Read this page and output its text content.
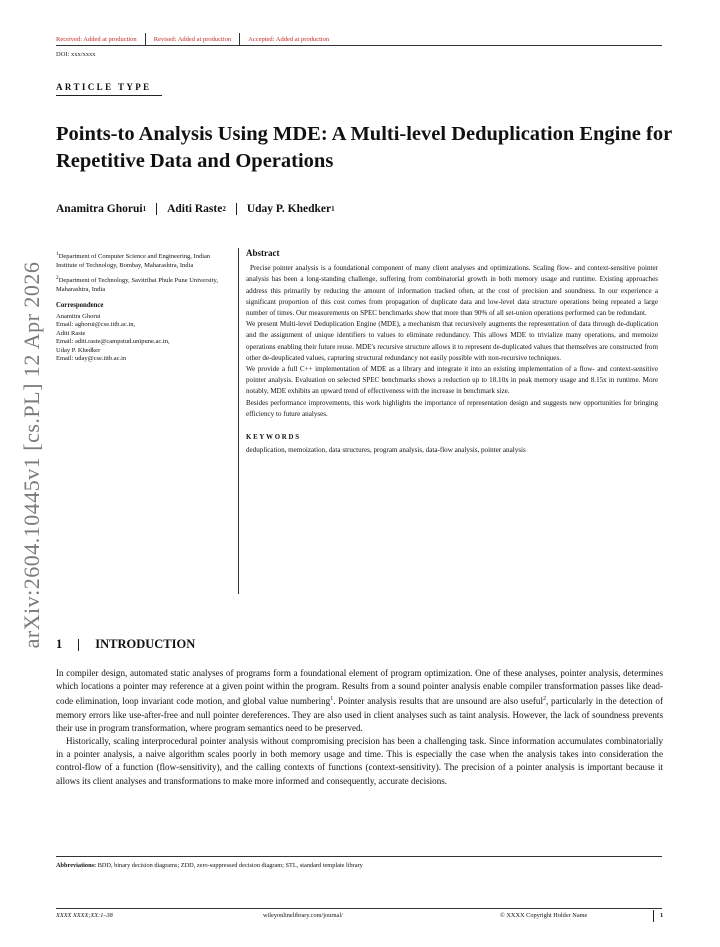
arXiv:2604.10445v1 [cs.PL] 12 Apr 2026
Received: Added at production	Revised: Added at production	Accepted: Added at production
DOI: xxx/xxxx
ARTICLE TYPE
Points-to Analysis Using MDE: A Multi-level Deduplication Engine for Repetitive Data and Operations
Anamitra Ghorui 1 Aditi Raste 2 Uday P. Khedker 1

$^1$Department of Computer Science and Engineering, Indian Institute of Technology, Bombay, Maharashtra, India

$^2$Department of Technology, Savitribai Phule Pune University, Maharashtra, India

Correspondence
Anamitra Ghorui
Email: aghorui@cse.iitb.ac.in,
Aditi Raste
Email: aditi.raste@campstud.unipune.ac.in,
Uday P. Khedker
Email: uday@cse.iitb.ac.in
Abstract

Precise pointer analysis is a foundational component of many client analyses and optimizations. Scaling flow- and context-sensitive pointer analysis has been a long-standing challenge, suffering from combinatorial growth in both memory usage and runtime. Existing approaches address this primarily by reducing the amount of information tracked often, at the cost of precision and soundness. In our experience a significant proportion of this cost comes from propagation of duplicate data and low-level data structure operations being repeated a large number of times. Our measurements on SPEC benchmarks show that more than 90% of all set-union operations performed can be redundant.

We present Multi-level Deduplication Engine (MDE), a mechanism that recursively augments the representation of data through de-duplication and the assignment of unique identifiers to values to eliminate redundancy. This allows MDE to trivialize many operations, and memoize operations enabling their future reuse. MDE's recursive structure allows it to represent de-duplicated values that themselves are constructed from other de-deuplicated values, capturing structural redundancy not easily possible with non-recursive techniques.

We provide a full C++ implementation of MDE as a library and integrate it into an existing implementation of a flow- and context-sensitive pointer analysis. Evaluation on selected SPEC benchmarks shows a reduction up to 18.10x in peak memory usage and 8.15x in runtime. More notably, MDE exhibits an upward trend of effectiveness with the increase in benchmark size.

Besides performance improvements, this work highlights the importance of representation design and suggests new opportunities for bringing efficiency to future analyses.

KEYWORDS
deduplication, memoization, data structures, program analysis, data-flow analysis, pointer analysis
1	INTRODUCTION

In compiler design, automated static analyses of programs form a foundational element of program optimization. One of these analyses, pointer analysis, determines which locations a pointer may reference at a given point within the program. Results from a sound pointer analysis enable compiler transformation passes like dead-code elimination, loop invariant code motion, and global value numbering$^1$. Pointer analysis results that are unsound are also useful$^2$, particularly in the detection of memory errors like use-after-free and null pointer dereferences. They are also used in client analyses such as taint analysis. However, the lack of soundness prevents their use in program transformation, where program semantics need to be preserved.

Historically, scaling interprocedural pointer analysis without compromising precision has been a challenging task. Since information accumulates combinatorially in a pointer analysis, a naive algorithm scales poorly in both memory usage and time. This is especially the case when the analysis takes into consideration the control-flow of a function (flow-sensitivity), and the calling contexts of functions (context-sensitivity). The precision of a pointer analysis is important because it allows its client analyses and transformations to make more informed and consequently, accurate decisions.

Abbreviations: BDD, binary decision diagrams; ZDD, zero-suppressed decision diagram; STL, standard template library
XXXX XXXX;XX:1–38	wileyonlinelibrary.com/journal/	© XXXX Copyright Holder Name	1
